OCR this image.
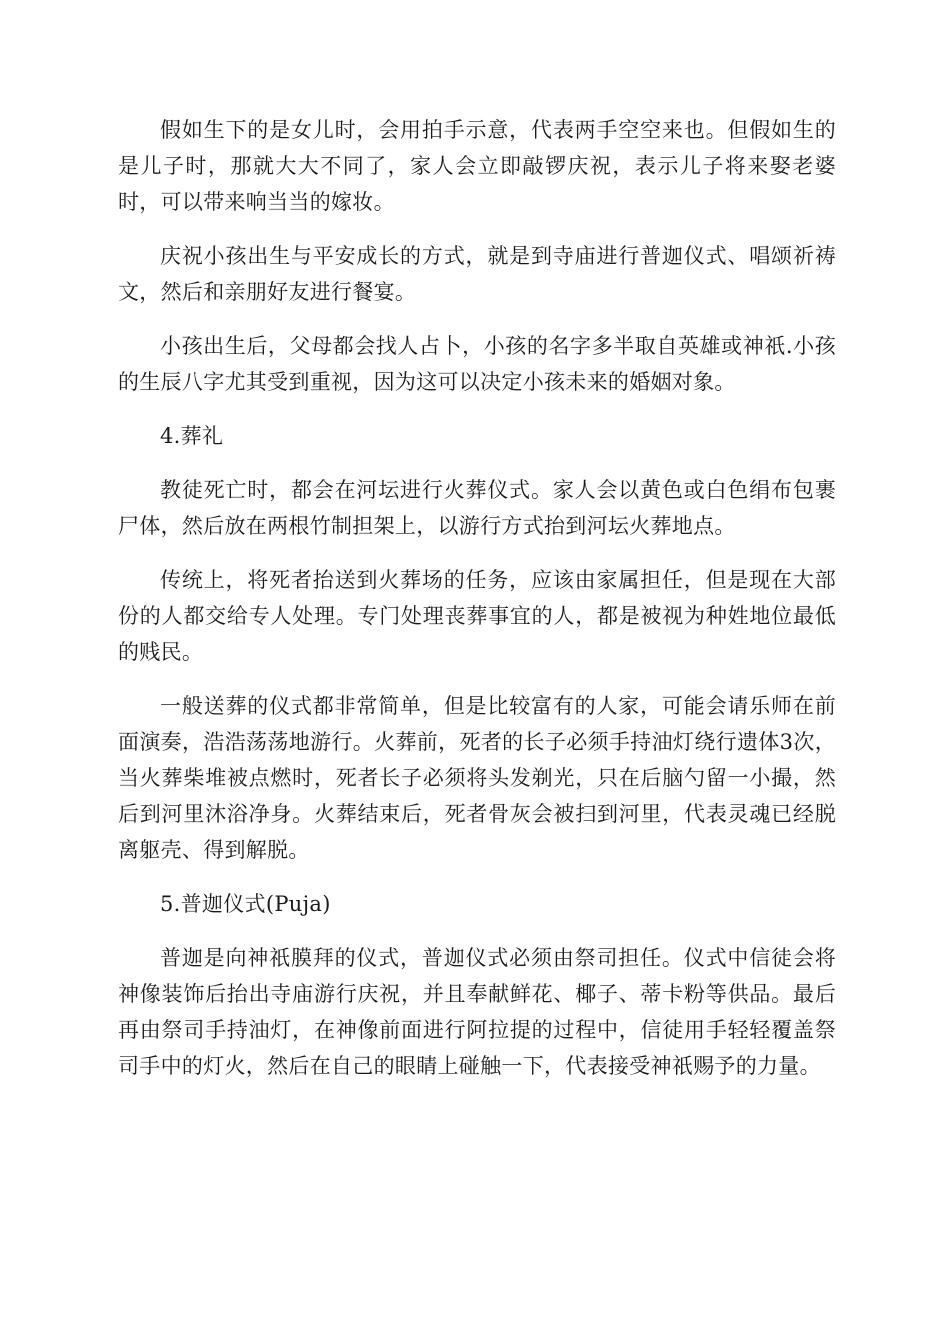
假如生下的是女儿时，会用拍手示意，代表两手空空来也。但假如生的是儿子时，那就大大不同了，家人会立即敲锣庆祝，表示儿子将来娶老婆时，可以带来响当当的嫁妆。

庆祝小孩出生与平安成长的方式，就是到寺庙进行普迦仪式、唱颂祈祷文，然后和亲朋好友进行餐宴。

小孩出生后，父母都会找人占卜，小孩的名字多半取自英雄或神祇.小孩的生辰八字尤其受到重视，因为这可以决定小孩未来的婚姻对象。

4.葬礼

教徒死亡时，都会在河坛进行火葬仪式。家人会以黄色或白色绢布包裹尸体，然后放在两根竹制担架上，以游行方式抬到河坛火葬地点。

传统上，将死者抬送到火葬场的任务，应该由家属担任，但是现在大部份的人都交给专人处理。专门处理丧葬事宜的人，都是被视为种姓地位最低的贱民。

一般送葬的仪式都非常简单，但是比较富有的人家，可能会请乐师在前面演奏，浩浩荡荡地游行。火葬前，死者的长子必须手持油灯绕行遗体3次，当火葬柴堆被点燃时，死者长子必须将头发剃光，只在后脑勺留一小撮，然后到河里沐浴净身。火葬结束后，死者骨灰会被扫到河里，代表灵魂已经脱离躯壳、得到解脱。

5.普迦仪式(Puja)

普迦是向神祇膜拜的仪式，普迦仪式必须由祭司担任。仪式中信徒会将神像装饰后抬出寺庙游行庆祝，并且奉献鲜花、椰子、蒂卡粉等供品。最后再由祭司手持油灯，在神像前面进行阿拉提的过程中，信徒用手轻轻覆盖祭司手中的灯火，然后在自己的眼睛上碰触一下，代表接受神祇赐予的力量。
